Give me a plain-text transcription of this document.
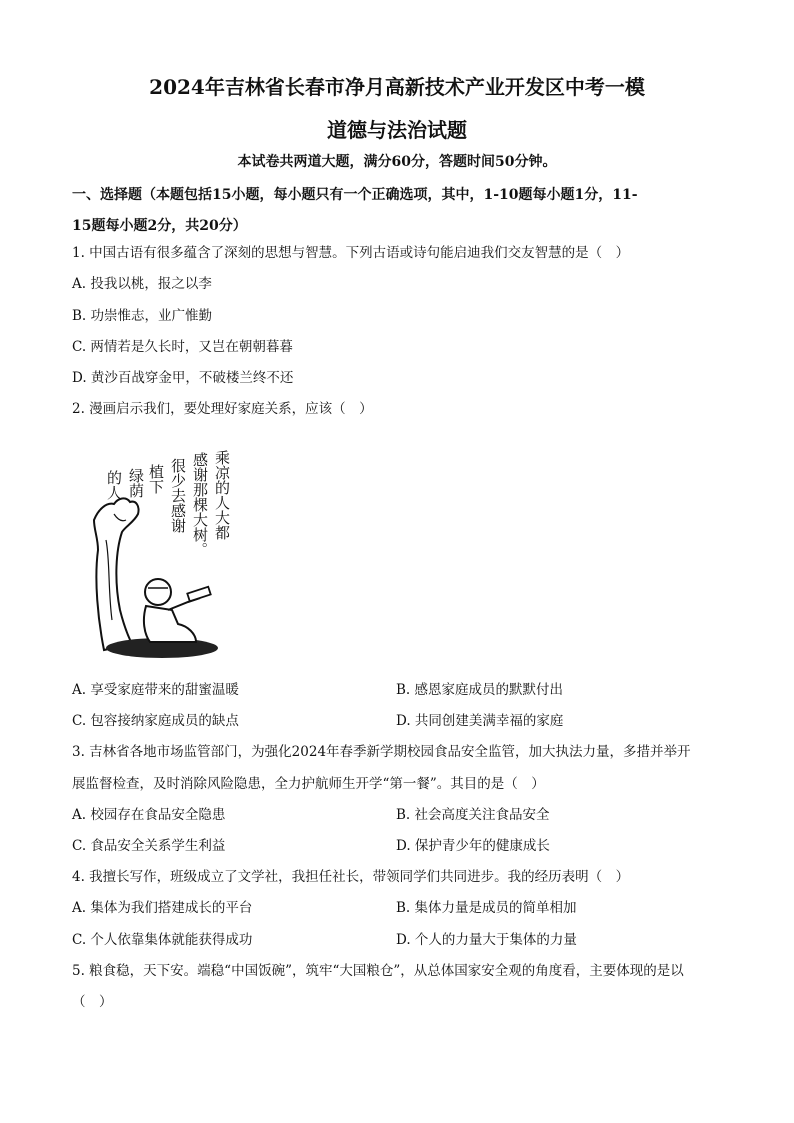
2024年吉林省长春市净月高新技术产业开发区中考一模
道德与法治试题
本试卷共两道大题，满分60分，答题时间50分钟。
一、选择题（本题包括15小题，每小题只有一个正确选项，其中，1-10题每小题1分，11-
15题每小题2分，共20分）
1. 中国古语有很多蕴含了深刻的思想与智慧。下列古语或诗句能启迪我们交友智慧的是（　）
A. 投我以桃，报之以李
B. 功崇惟志，业广惟勤
C. 两情若是久长时，又岂在朝朝暮暮
D. 黄沙百战穿金甲，不破楼兰终不还
2. 漫画启示我们，要处理好家庭关系，应该（　）
乘凉的人大都
感谢那棵大树。
很少去感谢
植下
绿荫
的人
A. 享受家庭带来的甜蜜温暖	B. 感恩家庭成员的默默付出
C. 包容接纳家庭成员的缺点	D. 共同创建美满幸福的家庭
3. 吉林省各地市场监管部门，为强化2024年春季新学期校园食品安全监管，加大执法力量，多措并举开
展监督检查，及时消除风险隐患，全力护航师生开学“第一餐”。其目的是（　）
A. 校园存在食品安全隐患	B. 社会高度关注食品安全
C. 食品安全关系学生利益	D. 保护青少年的健康成长
4. 我擅长写作，班级成立了文学社，我担任社长，带领同学们共同进步。我的经历表明（　）
A. 集体为我们搭建成长的平台	B. 集体力量是成员的简单相加
C. 个人依靠集体就能获得成功	D. 个人的力量大于集体的力量
5. 粮食稳，天下安。端稳“中国饭碗”，筑牢“大国粮仓”，从总体国家安全观的角度看，主要体现的是以
（　）
